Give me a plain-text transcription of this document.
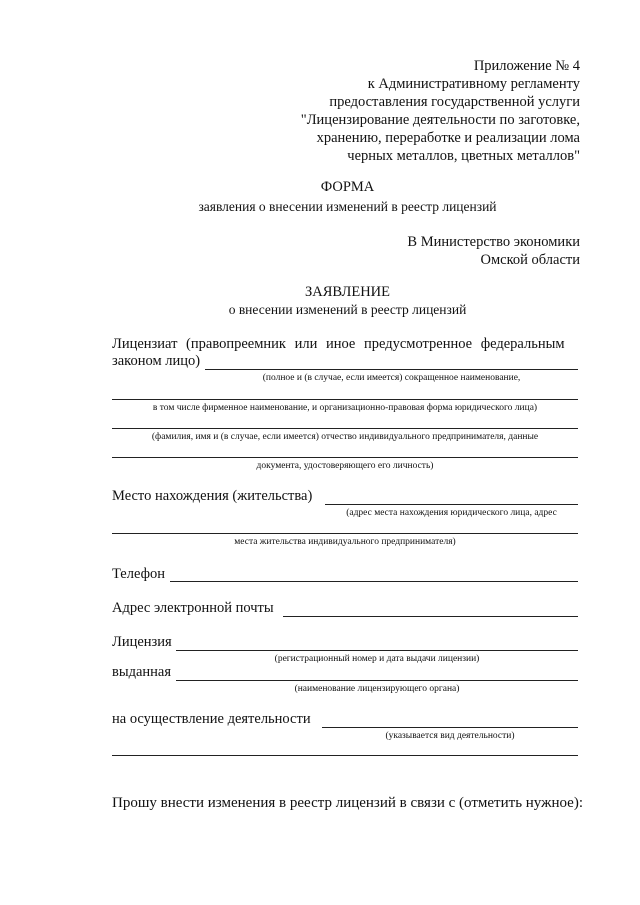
Приложение № 4
к Административному регламенту
предоставления государственной услуги
"Лицензирование деятельности по заготовке,
хранению, переработке и реализации лома
черных металлов, цветных металлов"
ФОРМА
заявления о внесении изменений в реестр лицензий
В Министерство экономики
Омской области
ЗАЯВЛЕНИЕ
о внесении изменений в реестр лицензий
Лицензиат (правопреемник или иное предусмотренное федеральным
законом лицо)
(полное и (в случае, если имеется) сокращенное наименование,
в том числе фирменное наименование, и организационно-правовая форма юридического лица)
(фамилия, имя и (в случае, если имеется) отчество индивидуального предпринимателя, данные
документа, удостоверяющего его личность)
Место нахождения (жительства)
(адрес места нахождения юридического лица, адрес
места жительства индивидуального предпринимателя)
Телефон
Адрес электронной почты
Лицензия
(регистрационный номер и дата выдачи лицензии)
выданная
(наименование лицензирующего органа)
на осуществление деятельности
(указывается вид деятельности)
Прошу внести изменения в реестр лицензий в связи с (отметить нужное):
